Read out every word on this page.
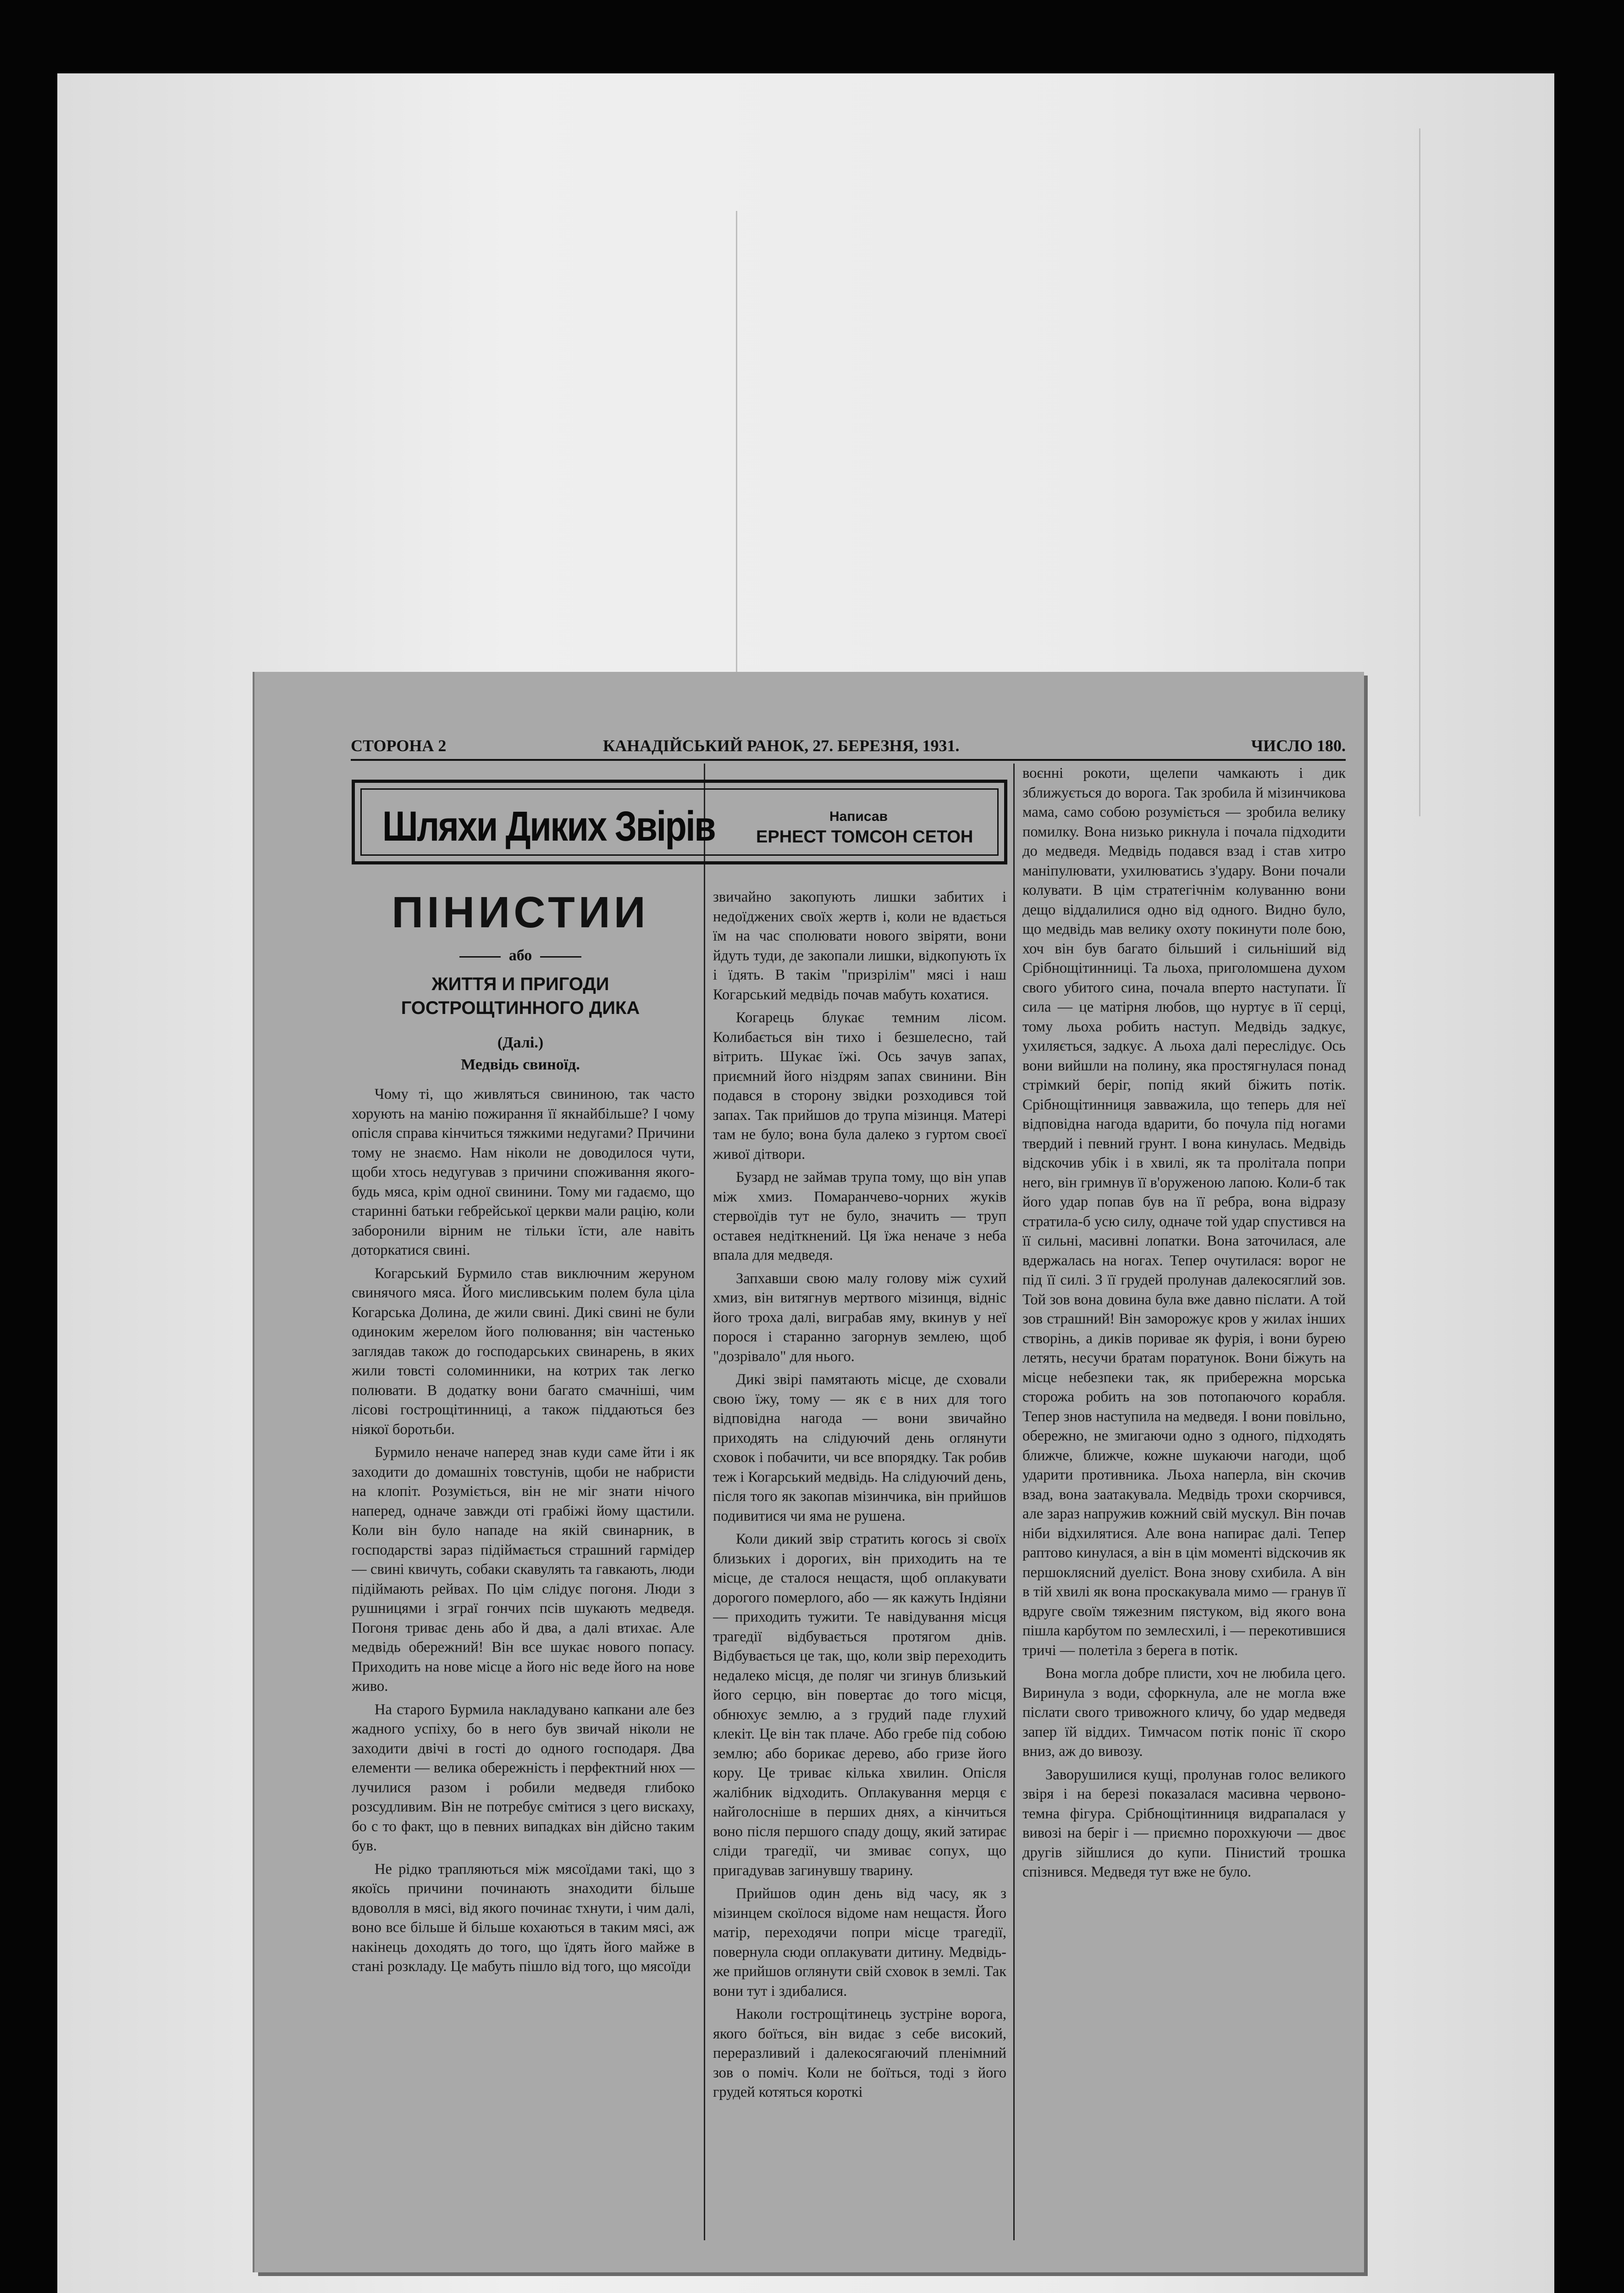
СТОРОНА 2	КАНАДІЙСЬКИЙ РАНОК, 27. БЕРЕЗНЯ, 1931.	ЧИСЛО 180.
Шляхи Диких Звірів	Написав
ЕРНЕСТ ТОМСОН СЕТОН
ПІНИСТИИ
або
ЖИТТЯ И ПРИГОДИ ГОСТРОЩТИННОГО ДИКА
(Далі.)
Медвідь свиноїд.

Чому ті, що живляться свининою, так часто хорують на манію пожирання її якнайбільше? І чому опісля справа кінчиться тяжкими недугами? Причини тому не знаємо. Нам ніколи не доводилося чути, щоби хтось недугував з причини споживання якого-будь мяса, крім одної свинини. Тому ми гадаємо, що старинні батьки гебрейської церкви мали рацію, коли заборонили вірним не тільки їсти, але навіть доторкатися свині.

Когарський Бурмило став виключним жеруном свинячого мяса. Його мисливським полем була ціла Когарська Долина, де жили свині. Дикі свині не були одиноким жерелом його полювання; він частенько заглядав також до господарських свинарень, в яких жили товсті соломинники, на котрих так легко полювати. В додатку вони багато смачніші, чим лісові гострощітинниці, а також піддаються без ніякої боротьби.

Бурмило неначе наперед знав куди саме йти і як заходити до домашніх товстунів, щоби не набристи на клопіт. Розуміється, він не міг знати нічого наперед, одначе завжди оті грабіжі йому щастили. Коли він було нападе на якій свинарник, в господарстві зараз підіймається страшний гармідер — свині квичуть, собаки скавулять та гавкають, люди підіймають рейвах. По цім слідує погоня. Люди з рушницями і зграї гончих псів шукають медведя. Погоня триває день або й два, а далі втихає. Але медвідь обережний! Він все шукає нового попасу. Приходить на нове місце а його ніс веде його на нове живо.

На старого Бурмила накладувано капкани але без жадного успіху, бо в него був звичай ніколи не заходити двічі в гості до одного господаря. Два елементи — велика обережність і перфектний нюх — лучилися разом і робили медведя глибоко розсудливим. Він не потребує смітися з цего вискаху, бо с то факт, що в певних випадках він дійсно таким був.

Не рідко трапляються між мясоїдами такі, що з якоїсь причини починають знаходити більше вдоволля в мясі, від якого починає тхнути, і чим далі, воно все більше й більше кохаються в таким мясі, аж накінець доходять до того, що їдять його майже в стані розкладу. Це мабуть пішло від того, що мясоїди

звичайно закопують лишки забитих і недоїджених своїх жертв і, коли не вдається їм на час сполювати нового звіряти, вони йдуть туди, де закопали лишки, відкопують їх і їдять. В такім "призрілім" мясі і наш Когарський медвідь почав мабуть кохатися.

Когарець блукає темним лісом. Колибається він тихо і безшелесно, тай вітрить. Шукає їжі. Ось зачув запах, приємний його ніздрям запах свинини. Він подався в сторону звідки розходився той запах. Так прийшов до трупа мізинця. Матері там не було; вона була далеко з гуртом своєї живої дітвори.

Бузард не займав трупа тому, що він упав між хмиз. Помаранчево-чорних жуків стервоїдів тут не було, значить — труп оставея недіткнений. Ця їжа неначе з неба впала для медведя.

Запхавши свою малу голову між сухий хмиз, він витягнув мертвого мізинця, відніс його троха далі, виграбав яму, вкинув у неї порося і старанно загорнув землею, щоб "дозрівало" для нього.

Дикі звірі памятають місце, де сховали свою їжу, тому — як є в них для того відповідна нагода — вони звичайно приходять на слідуючий день оглянути сховок і побачити, чи все впорядку. Так робив теж і Когарський медвідь. На слідуючий день, після того як закопав мізинчика, він прийшов подивитися чи яма не рушена.

Коли дикий звір стратить когось зі своїх близьких і дорогих, він приходить на те місце, де сталося нещастя, щоб оплакувати дорогого померлого, або — як кажуть Індіяни — приходить тужити. Те навідування місця трагедії відбувається протягом днів. Відбувається це так, що, коли звір переходить недалеко місця, де поляг чи згинув близький його серцю, він повертає до того місця, обнюхує землю, а з грудий паде глухий клекіт. Це він так плаче. Або гребе під собою землю; або борикає дерево, або гризе його кору. Це триває кілька хвилин. Опісля жалібник відходить. Оплакування мерця є найголосніше в перших днях, а кінчиться воно після першого спаду дощу, який затирає сліди трагедії, чи змиває сопух, що пригадував загинувшу тварину.

Прийшов один день від часу, як з мізинцем скоїлося відоме нам нещастя. Його матір, переходячи попри місце трагедії, повернула сюди оплакувати дитину. Медвідь-же прийшов оглянути свій сховок в землі. Так вони тут і здибалися.

Наколи гострощітинець зустріне ворога, якого боїться, він видає з себе високий, переразливий і далекосягаючий пленімний зов о поміч. Коли не боїться, тоді з його грудей котяться короткі

воєнні рокоти, щелепи чамкають і дик зближується до ворога. Так зробила й мізинчикова мама, само собою розуміється — зробила велику помилку. Вона низько рикнула і почала підходити до медведя. Медвідь подався взад і став хитро маніпулювати, ухилюватись з'удару. Вони почали колувати. В цім стратегічнім колуванню вони дещо віддалилися одно від одного. Видно було, що медвідь мав велику охоту покинути поле бою, хоч він був багато більший і сильніший від Срібнощітинниці. Та льоха, приголомшена духом свого убитого сина, почала вперто наступати. Її сила — це матірня любов, що нуртує в її серці, тому льоха робить наступ. Медвідь задкує, ухиляється, задкує. А льоха далі переслідує. Ось вони вийшли на полину, яка простягнулася понад стрімкий беріг, попід який біжить потік. Срібнощітинниця завважила, що теперь для неї відповідна нагода вдарити, бо почула під ногами твердий і певний грунт. І вона кинулась. Медвідь відскочив убік і в хвилі, як та пролітала попри него, він гримнув її в'оруженою лапою. Коли-б так його удар попав був на її ребра, вона відразу стратила-б усю силу, одначе той удар спустився на її сильні, масивні лопатки. Вона заточилася, але вдержалась на ногах. Тепер очутилася: ворог не під її силі. З її грудей пролунав далекосяглий зов. Той зов вона довина була вже давно післати. А той зов страшний! Він заморожує кров у жилах інших створінь, а диків поривае як фурія, і вони бурею летять, несучи братам поратунок. Вони біжуть на місце небезпеки так, як прибережна морська сторожа робить на зов потопаючого корабля. Тепер знов наступила на медведя. І вони повільно, обережно, не змигаючи одно з одного, підходять ближче, ближче, кожне шукаючи нагоди, щоб ударити противника. Льоха наперла, він скочив взад, вона заатакувала. Медвідь трохи скорчився, але зараз напружив кожний свій мускул. Він почав ніби відхилятися. Але вона напирає далі. Тепер раптово кинулася, а він в цім моменті відскочив як першоклясний дуеліст. Вона знову схибила. А він в тій хвилі як вона проскакувала мимо — гранув її вдруге своїм тяжезним пястуком, від якого вона пішла карбутом по землесхилі, і — перекотившися тричі — полетіла з берега в потік.

Вона могла добре плисти, хоч не любила цего. Виринула з води, сфоркнула, але не могла вже післати свого тривожного кличу, бо удар медведя запер їй віддих. Тимчасом потік поніс її скоро вниз, аж до вивозу.

Заворушилися кущі, пролунав голос великого звіря і на березі показалася масивна червоно-темна фігура. Срібнощітинниця видрапалася у вивозі на беріг і — приємно порохкуючи — двоє другів зійшлися до купи. Пінистий трошка спізнився. Медведя тут вже не було.
